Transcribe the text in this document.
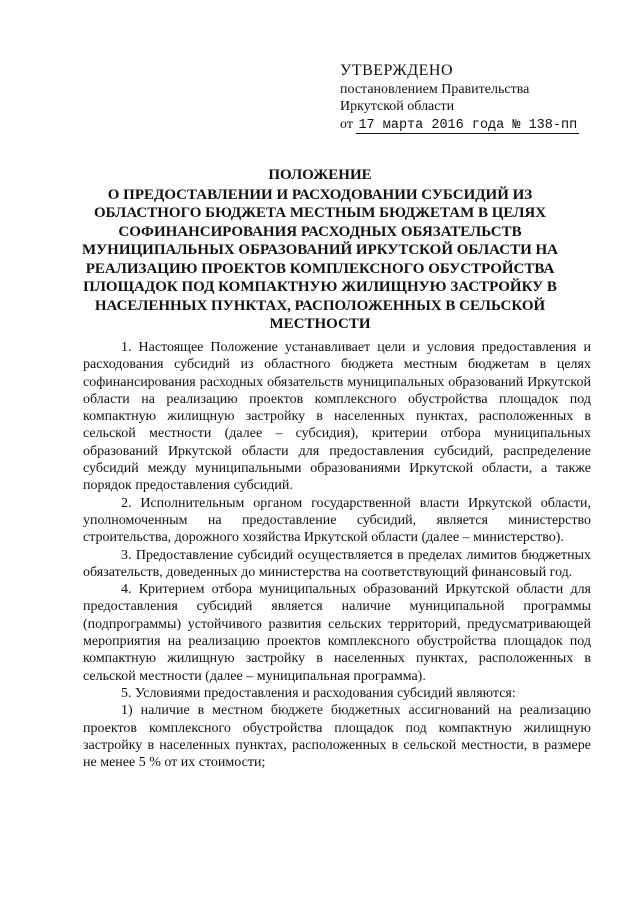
УТВЕРЖДЕНО
постановлением Правительства
Иркутской области
от 17 марта 2016 года № 138-пп
ПОЛОЖЕНИЕ
О ПРЕДОСТАВЛЕНИИ И РАСХОДОВАНИИ СУБСИДИЙ ИЗ ОБЛАСТНОГО БЮДЖЕТА МЕСТНЫМ БЮДЖЕТАМ В ЦЕЛЯХ СОФИНАНСИРОВАНИЯ РАСХОДНЫХ ОБЯЗАТЕЛЬСТВ МУНИЦИПАЛЬНЫХ ОБРАЗОВАНИЙ ИРКУТСКОЙ ОБЛАСТИ НА РЕАЛИЗАЦИЮ ПРОЕКТОВ КОМПЛЕКСНОГО ОБУСТРОЙСТВА ПЛОЩАДОК ПОД КОМПАКТНУЮ ЖИЛИЩНУЮ ЗАСТРОЙКУ В НАСЕЛЕННЫХ ПУНКТАХ, РАСПОЛОЖЕННЫХ В СЕЛЬСКОЙ МЕСТНОСТИ

1. Настоящее Положение устанавливает цели и условия предоставления и расходования субсидий из областного бюджета местным бюджетам в целях софинансирования расходных обязательств муниципальных образований Иркутской области на реализацию проектов комплексного обустройства площадок под компактную жилищную застройку в населенных пунктах, расположенных в сельской местности (далее – субсидия), критерии отбора муниципальных образований Иркутской области для предоставления субсидий, распределение субсидий между муниципальными образованиями Иркутской области, а также порядок предоставления субсидий.

2. Исполнительным органом государственной власти Иркутской области, уполномоченным на предоставление субсидий, является министерство строительства, дорожного хозяйства Иркутской области (далее – министерство).

3. Предоставление субсидий осуществляется в пределах лимитов бюджетных обязательств, доведенных до министерства на соответствующий финансовый год.

4. Критерием отбора муниципальных образований Иркутской области для предоставления субсидий является наличие муниципальной программы (подпрограммы) устойчивого развития сельских территорий, предусматривающей мероприятия на реализацию проектов комплексного обустройства площадок под компактную жилищную застройку в населенных пунктах, расположенных в сельской местности (далее – муниципальная программа).

5. Условиями предоставления и расходования субсидий являются:

1) наличие в местном бюджете бюджетных ассигнований на реализацию проектов комплексного обустройства площадок под компактную жилищную застройку в населенных пунктах, расположенных в сельской местности, в размере не менее 5 % от их стоимости;
